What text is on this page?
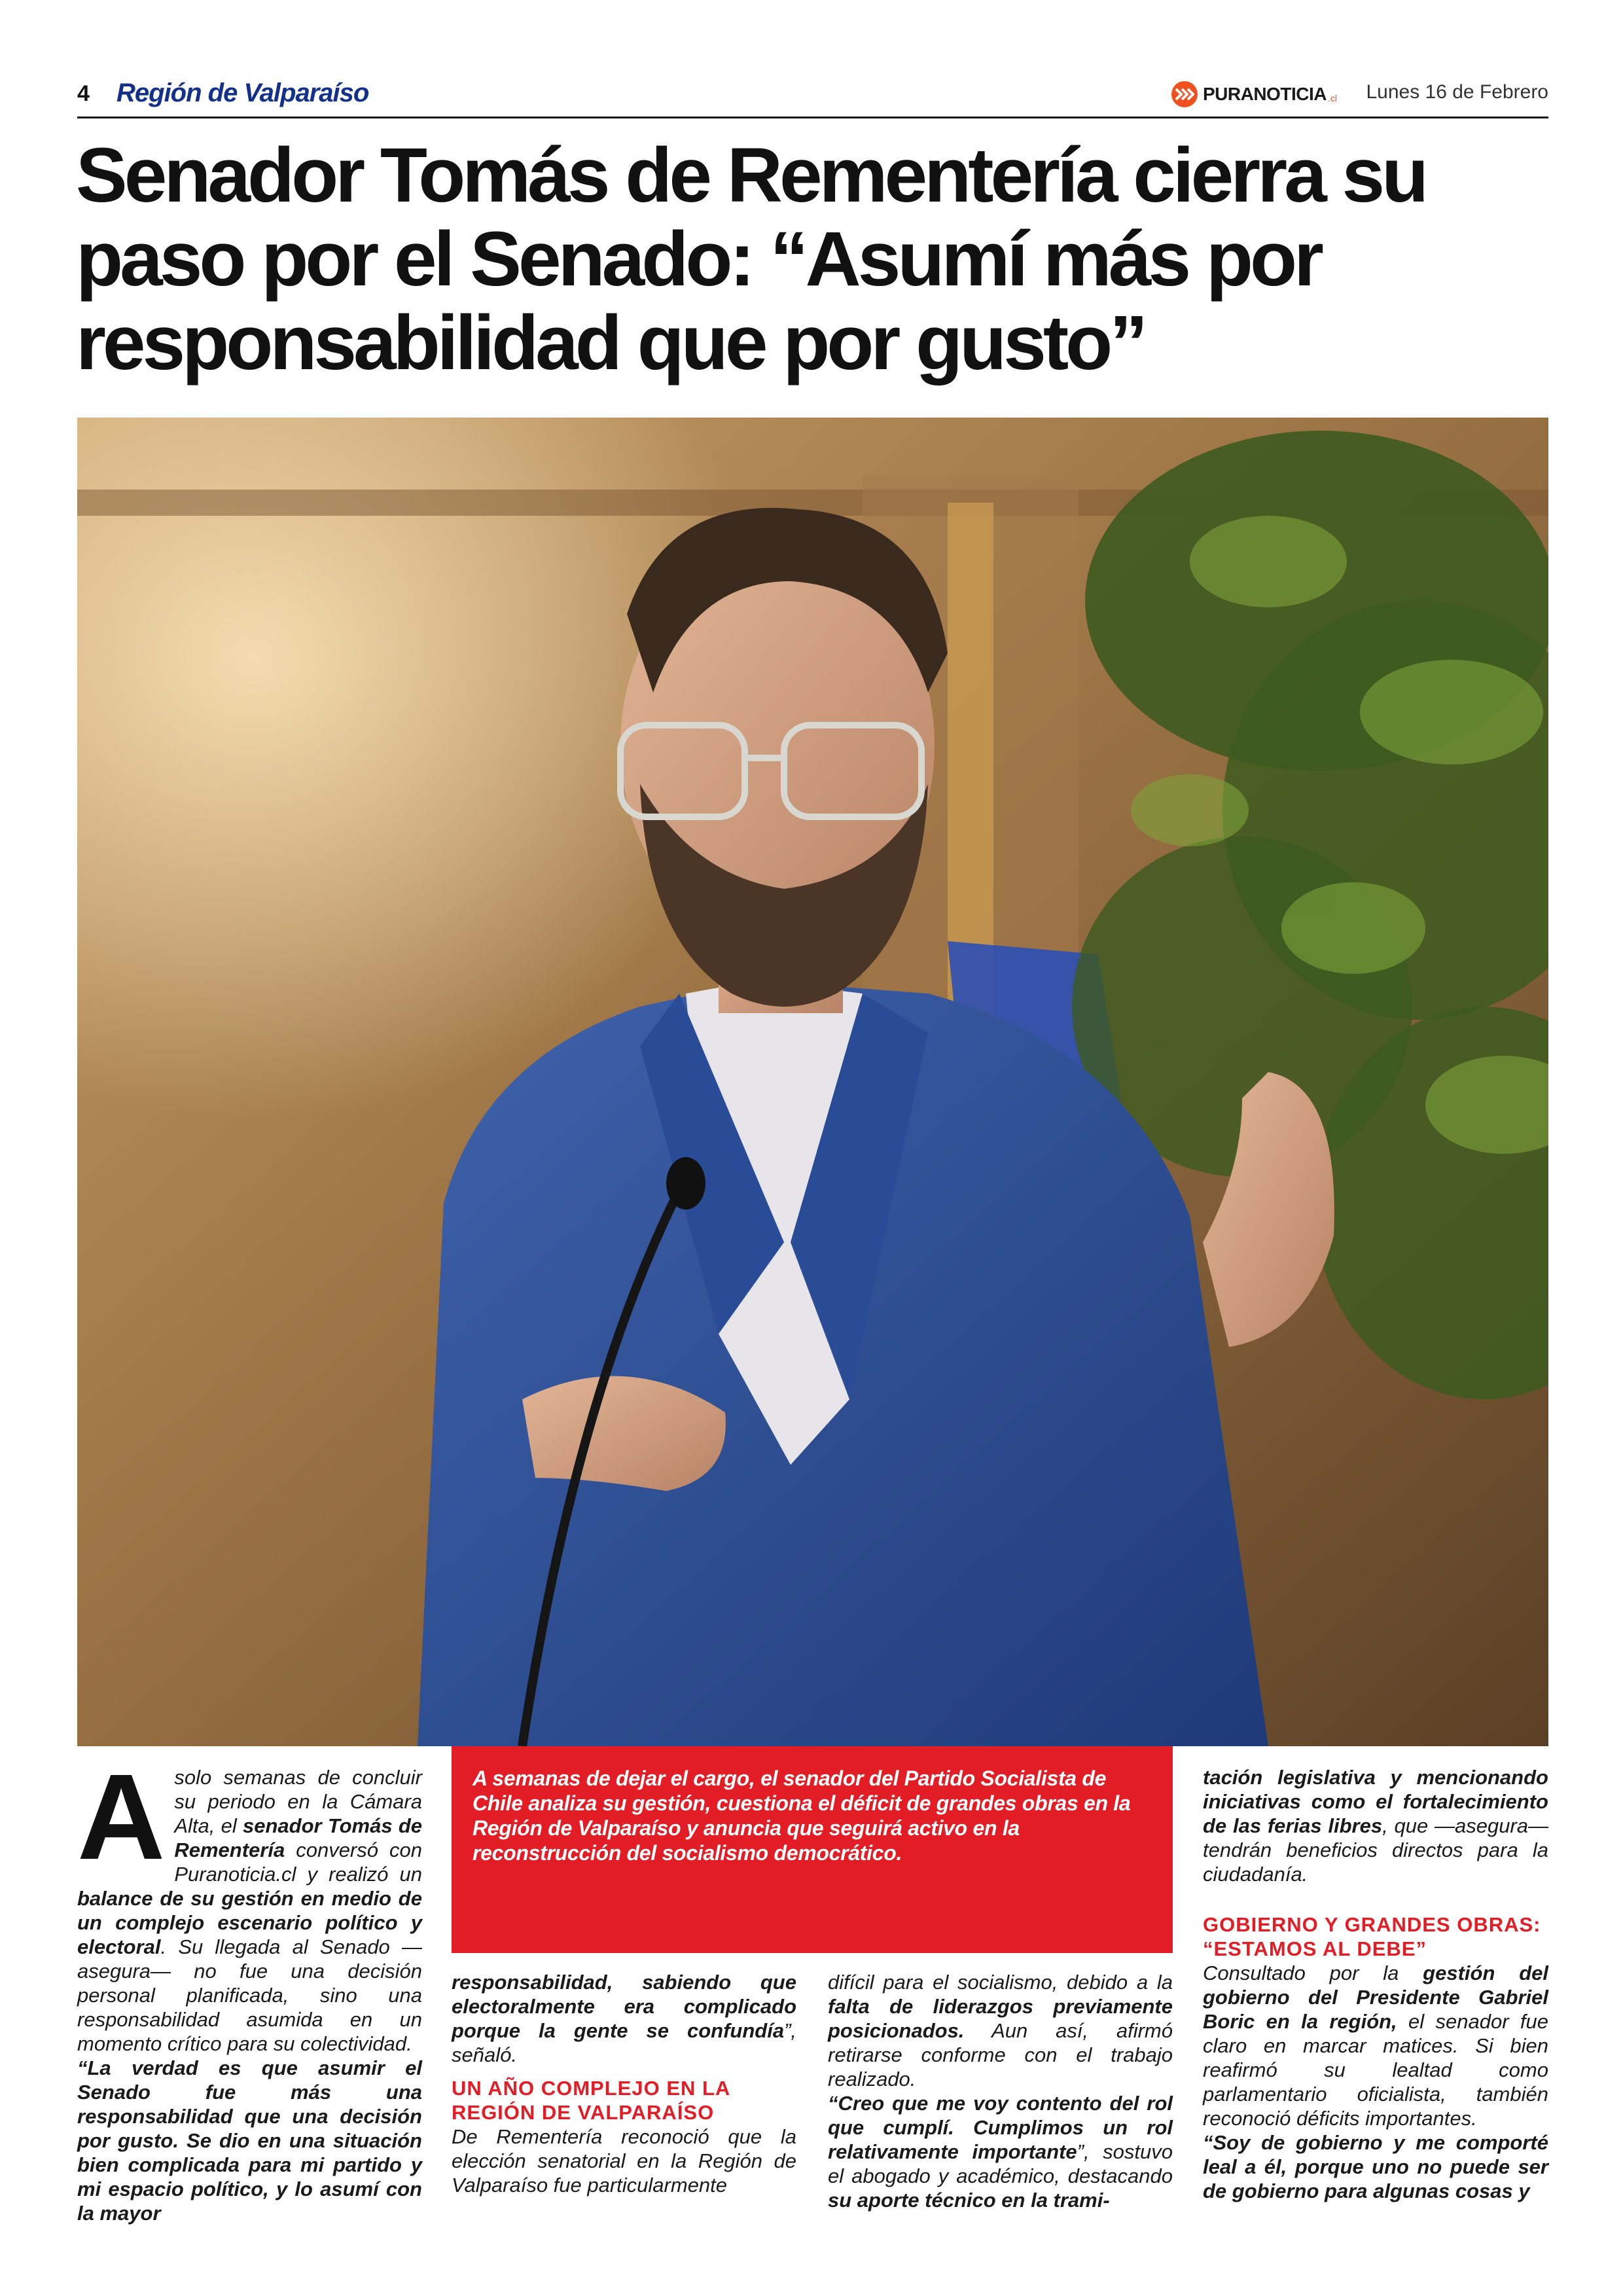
4 Región de Valparaíso	PURANOTICIA .cl Lunes 16 de Febrero
Senador Tomás de Rementería cierra su paso por el Senado: “Asumí más por responsabilidad que por gusto”
A solo semanas de concluir su periodo en la Cámara Alta, el senador Tomás de Rementería conversó con Puranoticia.cl y realizó un balance de su gestión en medio de un complejo escenario político y electoral. Su llegada al Senado —asegura— no fue una decisión personal planificada, sino una responsabilidad asumida en un momento crítico para su colectividad.

“La verdad es que asumir el Senado fue más una responsabilidad que una decisión por gusto. Se dio en una situación bien complicada para mi partido y mi espacio político, y lo asumí con la mayor

A semanas de dejar el cargo, el senador del Partido Socialista de Chile analiza su gestión, cuestiona el déficit de grandes obras en la Región de Valparaíso y anuncia que seguirá activo en la reconstrucción del socialismo democrático.

responsabilidad, sabiendo que electoralmente era complicado porque la gente se confundía”, señaló.

UN AÑO COMPLEJO EN LA REGIÓN DE VALPARAÍSO

De Rementería reconoció que la elección senatorial en la Región de Valparaíso fue particularmente

difícil para el socialismo, debido a la falta de liderazgos previamente posicionados. Aun así, afirmó retirarse conforme con el trabajo realizado.

“Creo que me voy contento del rol que cumplí. Cumplimos un rol relativamente importante”, sostuvo el abogado y académico, destacando su aporte técnico en la trami-

tación legislativa y mencionando iniciativas como el fortalecimiento de las ferias libres, que —asegura— tendrán beneficios directos para la ciudadanía.

GOBIERNO Y GRANDES OBRAS: “ESTAMOS AL DEBE”

Consultado por la gestión del gobierno del Presidente Gabriel Boric en la región, el senador fue claro en marcar matices. Si bien reafirmó su lealtad como parlamentario oficialista, también reconoció déficits importantes.

“Soy de gobierno y me comporté leal a él, porque uno no puede ser de gobierno para algunas cosas y
